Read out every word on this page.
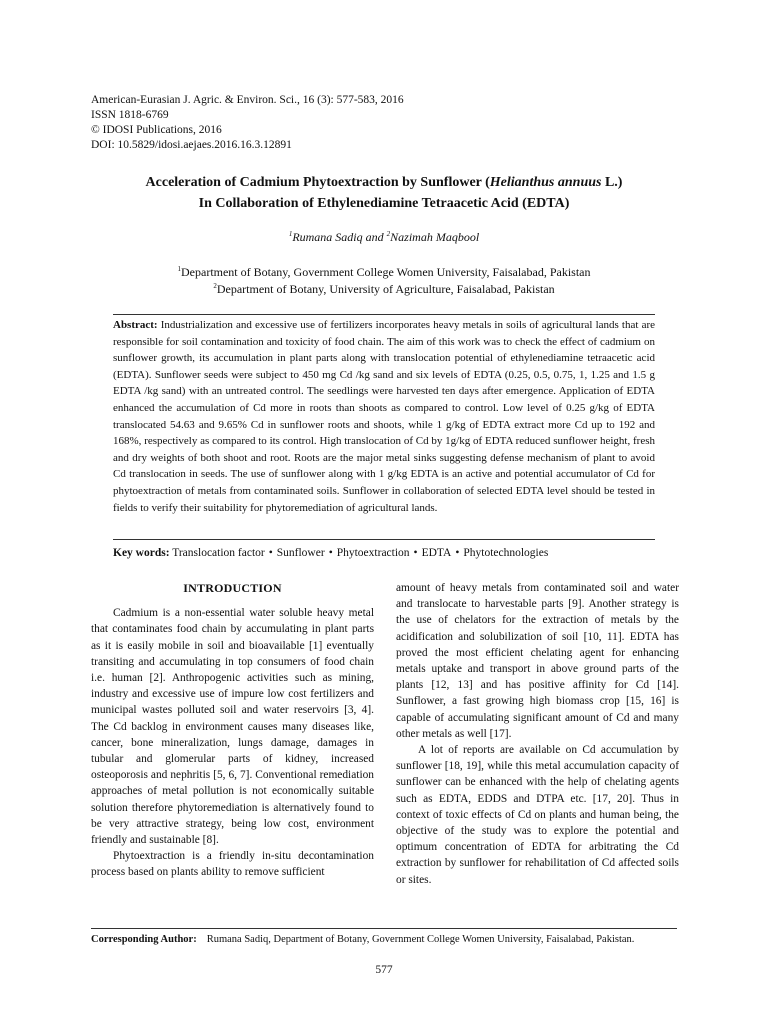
American-Eurasian J. Agric. & Environ. Sci., 16 (3): 577-583, 2016
ISSN 1818-6769
© IDOSI Publications, 2016
DOI: 10.5829/idosi.aejaes.2016.16.3.12891
Acceleration of Cadmium Phytoextraction by Sunflower (Helianthus annuus L.)
In Collaboration of Ethylenediamine Tetraacetic Acid (EDTA)
$^1$Rumana Sadiq and $^2$Nazimah Maqbool
$^1$Department of Botany, Government College Women University, Faisalabad, Pakistan
$^2$Department of Botany, University of Agriculture, Faisalabad, Pakistan
Abstract: Industrialization and excessive use of fertilizers incorporates heavy metals in soils of agricultural lands that are responsible for soil contamination and toxicity of food chain. The aim of this work was to check the effect of cadmium on sunflower growth, its accumulation in plant parts along with translocation potential of ethylenediamine tetraacetic acid (EDTA). Sunflower seeds were subject to 450 mg Cd /kg sand and six levels of EDTA (0.25, 0.5, 0.75, 1, 1.25 and 1.5 g EDTA /kg sand) with an untreated control. The seedlings were harvested ten days after emergence. Application of EDTA enhanced the accumulation of Cd more in roots than shoots as compared to control. Low level of 0.25 g/kg of EDTA translocated 54.63 and 9.65% Cd in sunflower roots and shoots, while 1 g/kg of EDTA extract more Cd up to 192 and 168%, respectively as compared to its control. High translocation of Cd by 1g/kg of EDTA reduced sunflower height, fresh and dry weights of both shoot and root. Roots are the major metal sinks suggesting defense mechanism of plant to avoid Cd translocation in seeds. The use of sunflower along with 1 g/kg EDTA is an active and potential accumulator of Cd for phytoextraction of metals from contaminated soils. Sunflower in collaboration of selected EDTA level should be tested in fields to verify their suitability for phytoremediation of agricultural lands.
Key words: Translocation factor • Sunflower • Phytoextraction • EDTA • Phytotechnologies
INTRODUCTION

Cadmium is a non-essential water soluble heavy metal that contaminates food chain by accumulating in plant parts as it is easily mobile in soil and bioavailable [1] eventually transiting and accumulating in top consumers of food chain i.e. human [2]. Anthropogenic activities such as mining, industry and excessive use of impure low cost fertilizers and municipal wastes polluted soil and water reservoirs [3, 4]. The Cd backlog in environment causes many diseases like, cancer, bone mineralization, lungs damage, damages in tubular and glomerular parts of kidney, increased osteoporosis and nephritis [5, 6, 7]. Conventional remediation approaches of metal pollution is not economically suitable solution therefore phytoremediation is alternatively found to be very attractive strategy, being low cost, environment friendly and sustainable [8].

Phytoextraction is a friendly in-situ decontamination process based on plants ability to remove sufficient

amount of heavy metals from contaminated soil and water and translocate to harvestable parts [9]. Another strategy is the use of chelators for the extraction of metals by the acidification and solubilization of soil [10, 11]. EDTA has proved the most efficient chelating agent for enhancing metals uptake and transport in above ground parts of the plants [12, 13] and has positive affinity for Cd [14]. Sunflower, a fast growing high biomass crop [15, 16] is capable of accumulating significant amount of Cd and many other metals as well [17].

A lot of reports are available on Cd accumulation by sunflower [18, 19], while this metal accumulation capacity of sunflower can be enhanced with the help of chelating agents such as EDTA, EDDS and DTPA etc. [17, 20]. Thus in context of toxic effects of Cd on plants and human being, the objective of the study was to explore the potential and optimum concentration of EDTA for arbitrating the Cd extraction by sunflower for rehabilitation of Cd affected soils or sites.

Corresponding Author: Rumana Sadiq, Department of Botany, Government College Women University, Faisalabad, Pakistan.
577
